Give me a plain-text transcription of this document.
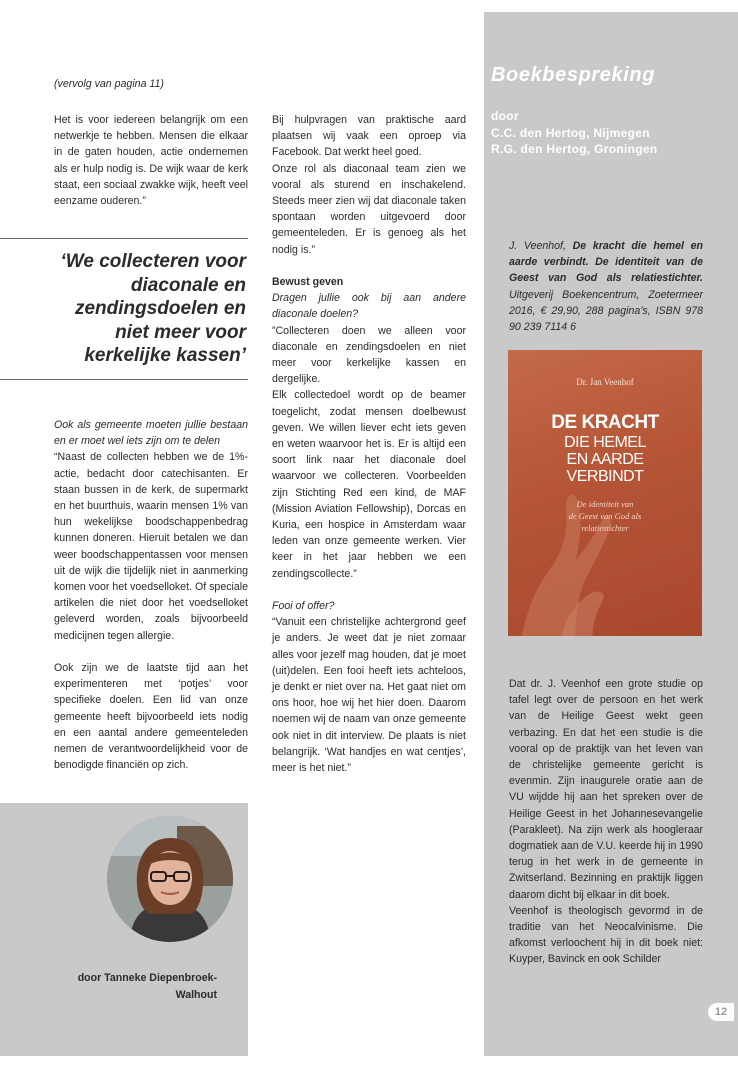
Boekbespreking
door
C.C. den Hertog, Nijmegen
R.G. den Hertog, Groningen
J. Veenhof, De kracht die hemel en aarde verbindt. De identiteit van de Geest van God als relatiestichter. Uitgeverij Boekencentrum, Zoetermeer 2016, € 29,90, 288 pagina’s, ISBN 978 90 239 7114 6
Dr. Jan Veenhof
DE KRACHT
DIE HEMEL
EN AARDE
VERBINDT
De identiteit van
de Geest van God als
relatiestichter

Dat dr. J. Veenhof een grote studie op tafel legt over de persoon en het werk van de Heilige Geest wekt geen verbazing. En dat het een studie is die vooral op de praktijk van het leven van de christelijke gemeente gericht is evenmin. Zijn inaugurele oratie aan de VU wijdde hij aan het spreken over de Heilige Geest in het Johannesevangelie (Parakleet). Na zijn werk als hoogleraar dogmatiek aan de V.U. keerde hij in 1990 terug in het werk in de gemeente in Zwitserland. Bezinning en praktijk liggen daarom dicht bij elkaar in dit boek.

Veenhof is theologisch gevormd in de traditie van het Neocalvinisme. Die afkomst verloochent hij in dit boek niet: Kuyper, Bavinck en ook Schilder

12
(vervolg van pagina 11)

Het is voor iedereen belangrijk om een netwerkje te hebben. Mensen die elkaar in de gaten houden, actie ondernemen als er hulp nodig is. De wijk waar de kerk staat, een sociaal zwakke wijk, heeft veel eenzame ouderen.”

‘We collecteren voor diaconale en zendingsdoelen en niet meer voor kerkelijke kassen’

Ook als gemeente moeten jullie bestaan en er moet wel iets zijn om te delen

“Naast de collecten hebben we de 1%-actie, bedacht door catechisanten. Er staan bussen in de kerk, de supermarkt en het buurthuis, waarin mensen 1% van hun wekelijkse boodschappenbedrag kunnen doneren. Hieruit betalen we dan weer boodschappentassen voor mensen uit de wijk die tijdelijk niet in aanmerking komen voor het voedselloket. Of speciale artikelen die niet door het voedselloket geleverd worden, zoals bijvoorbeeld medicijnen tegen allergie.

Ook zijn we de laatste tijd aan het experimenteren met ‘potjes’ voor specifieke doelen. Een lid van onze gemeente heeft bijvoorbeeld iets nodig en een aantal andere gemeenteleden nemen de verantwoordelijkheid voor de benodigde financiën op zich.

door Tanneke Diepenbroek-Walhout

Bij hulpvragen van praktische aard plaatsen wij vaak een oproep via Facebook. Dat werkt heel goed.

Onze rol als diaconaal team zien we vooral als sturend en inschakelend. Steeds meer zien wij dat diaconale taken spontaan worden uitgevoerd door gemeenteleden. Er is genoeg als het nodig is.”

Bewust geven

Dragen jullie ook bij aan andere diaconale doelen?

”Collecteren doen we alleen voor diaconale en zendingsdoelen en niet meer voor kerkelijke kassen en dergelijke.

Elk collectedoel wordt op de beamer toegelicht, zodat mensen doelbewust geven. We willen liever echt iets geven en weten waarvoor het is. Er is altijd een soort link naar het diaconale doel waarvoor we collecteren. Voorbeelden zijn Stichting Red een kind, de MAF (Mission Aviation Fellowship), Dorcas en Kuria, een hospice in Amsterdam waar leden van onze gemeente werken. Vier keer in het jaar hebben we een zendingscollecte.”

Fooi of offer?

“Vanuit een christelijke achtergrond geef je anders. Je weet dat je niet zomaar alles voor jezelf mag houden, dat je moet (uit)delen. Een fooi heeft iets achteloos, je denkt er niet over na. Het gaat niet om ons hoor, hoe wij het hier doen. Daarom noemen wij de naam van onze gemeente ook niet in dit interview. De plaats is niet belangrijk. ‘Wat handjes en wat centjes’, meer is het niet.”
